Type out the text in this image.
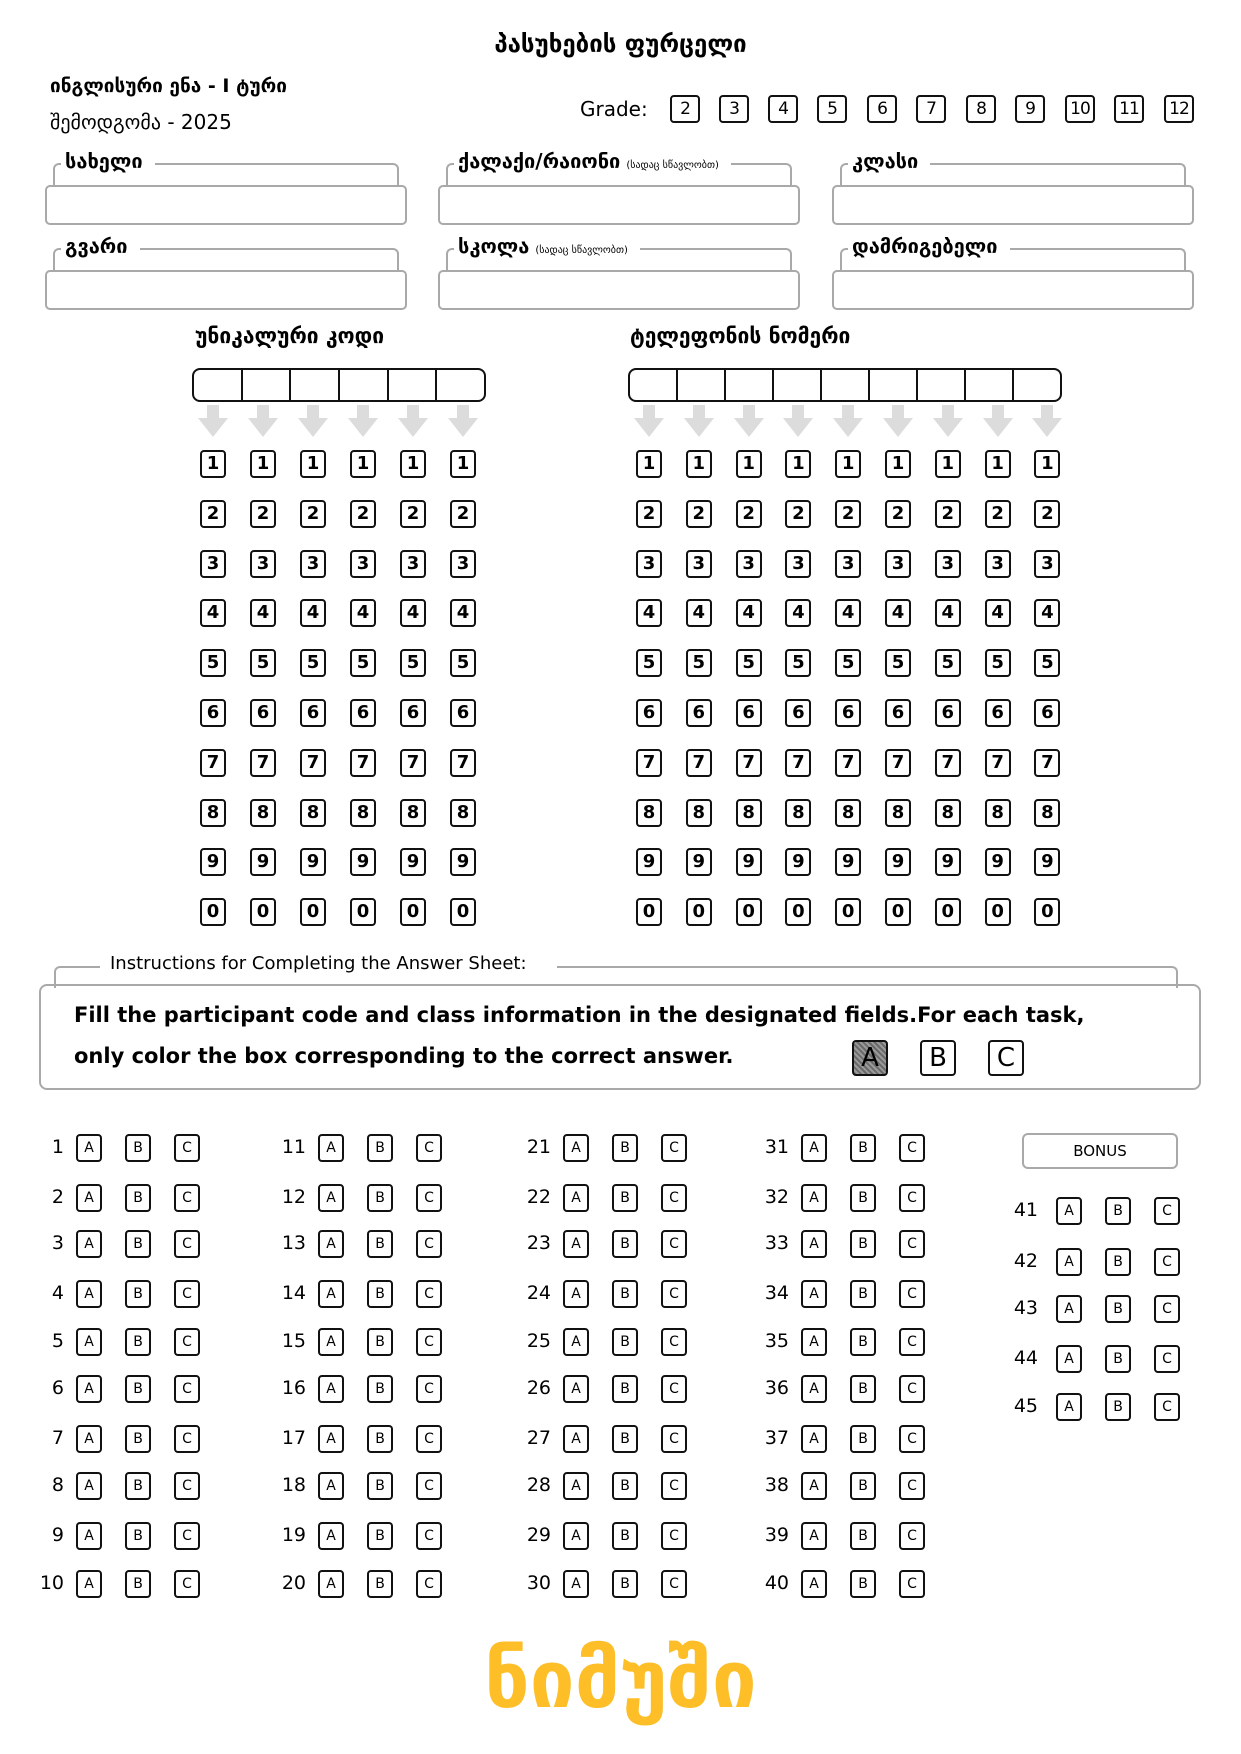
პასუხების ფურცელი
ინგლისური ენა - I ტური
შემოდგომა - 2025
Grade:	2	3	4	5	6	7	8	9	10	11	12
სახელი	ქალაქი/რაიონი (სადაც სწავლობთ)	კლასი
გვარი	სკოლა (სადაც სწავლობთ)	დამრიგებელი
უნიკალური კოდი	ტელეფონის ნომერი
1	1	1	1	1	1	1	1	1	1	1	1	1	1	1
2	2	2	2	2	2	2	2	2	2	2	2	2	2	2
3	3	3	3	3	3	3	3	3	3	3	3	3	3	3
4	4	4	4	4	4	4	4	4	4	4	4	4	4	4
5	5	5	5	5	5	5	5	5	5	5	5	5	5	5
6	6	6	6	6	6	6	6	6	6	6	6	6	6	6
7	7	7	7	7	7	7	7	7	7	7	7	7	7	7
8	8	8	8	8	8	8	8	8	8	8	8	8	8	8
9	9	9	9	9	9	9	9	9	9	9	9	9	9	9
0	0	0	0	0	0	0	0	0	0	0	0	0	0	0
Instructions for Completing the Answer Sheet:
Fill the participant code and class information in the designated fields.For each task,
only color the box corresponding to the correct answer.	A	B	C
1	A	B	C
2	A	B	C
3	A	B	C
4	A	B	C
5	A	B	C
6	A	B	C
7	A	B	C
8	A	B	C
9	A	B	C
10	A	B	C
11	A	B	C
12	A	B	C
13	A	B	C
14	A	B	C
15	A	B	C
16	A	B	C
17	A	B	C
18	A	B	C
19	A	B	C
20	A	B	C
21	A	B	C
22	A	B	C
23	A	B	C
24	A	B	C
25	A	B	C
26	A	B	C
27	A	B	C
28	A	B	C
29	A	B	C
30	A	B	C
31	A	B	C
32	A	B	C
33	A	B	C
34	A	B	C
35	A	B	C
36	A	B	C
37	A	B	C
38	A	B	C
39	A	B	C
40	A	B	C
BONUS
41	A	B	C
42	A	B	C
43	A	B	C
44	A	B	C
45	A	B	C
ნიმუში
